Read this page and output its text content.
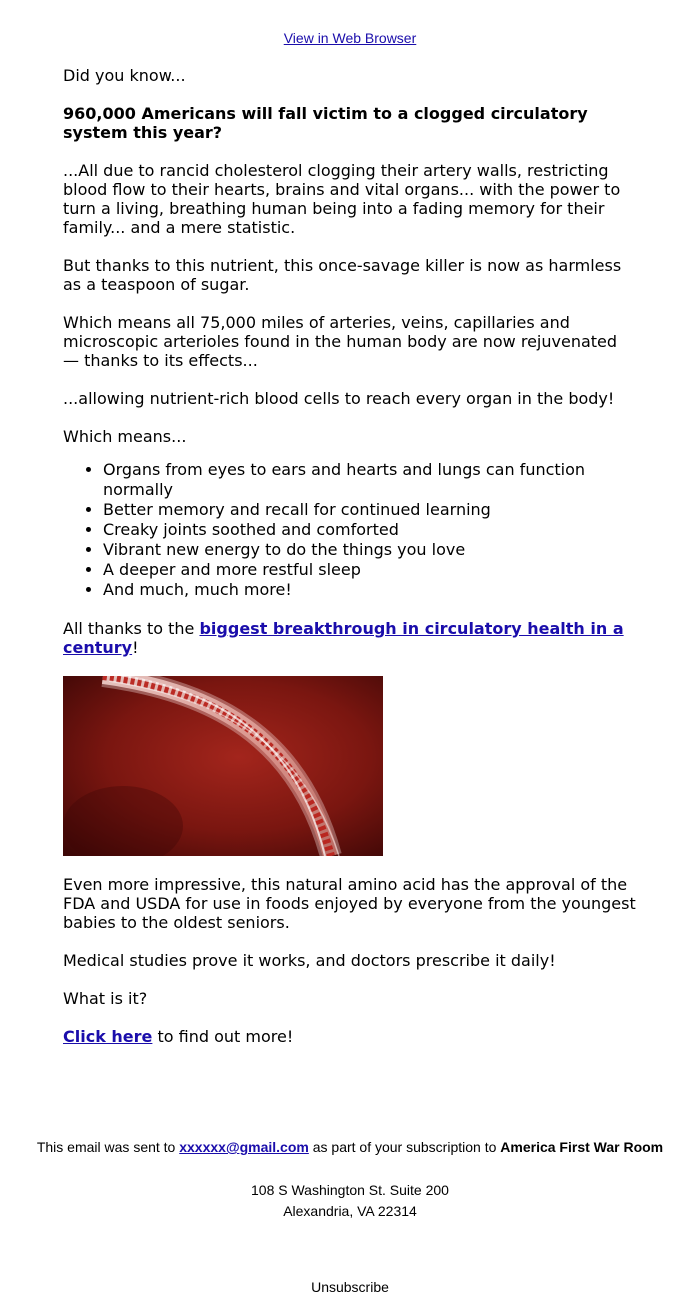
View in Web Browser

Did you know...

960,000 Americans will fall victim to a clogged circulatory system this year?

...All due to rancid cholesterol clogging their artery walls, restricting blood flow to their hearts, brains and vital organs... with the power to turn a living, breathing human being into a fading memory for their family... and a mere statistic.

But thanks to this nutrient, this once-savage killer is now as harmless as a teaspoon of sugar.

Which means all 75,000 miles of arteries, veins, capillaries and microscopic arterioles found in the human body are now rejuvenated — thanks to its effects...

...allowing nutrient-rich blood cells to reach every organ in the body!

Which means...

• Organs from eyes to ears and hearts and lungs can function normally
• Better memory and recall for continued learning
• Creaky joints soothed and comforted
• Vibrant new energy to do the things you love
• A deeper and more restful sleep
• And much, much more!

All thanks to the biggest breakthrough in circulatory health in a century!

Even more impressive, this natural amino acid has the approval of the FDA and USDA for use in foods enjoyed by everyone from the youngest babies to the oldest seniors.

Medical studies prove it works, and doctors prescribe it daily!

What is it?

Click here to find out more!

This email was sent to xxxxxx@gmail.com as part of your subscription to America First War Room
108 S Washington St. Suite 200
Alexandria, VA 22314
Unsubscribe
